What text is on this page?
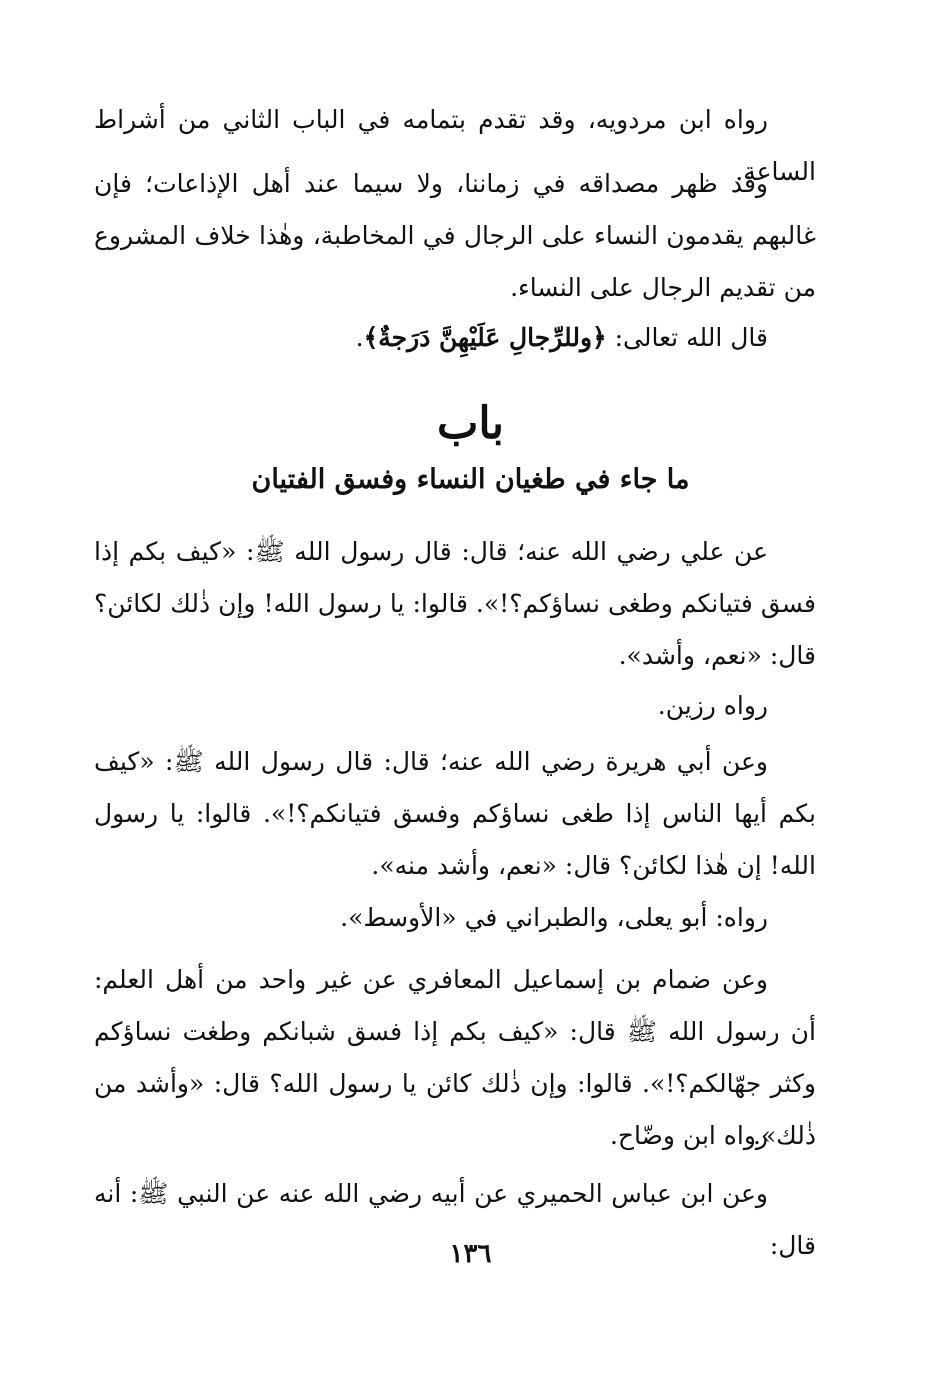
رواه ابن مردويه، وقد تقدم بتمامه في الباب الثاني من أشراط الساعة.
وقد ظهر مصداقه في زماننا، ولا سيما عند أهل الإذاعات؛ فإن غالبهم يقدمون النساء على الرجال في المخاطبة، وهٰذا خلاف المشروع من تقديم الرجال على النساء.
قال الله تعالى: ﴿وللرِّجالِ عَلَيْهِنَّ دَرَجةٌ﴾.
باب
ما جاء في طغيان النساء وفسق الفتيان
عن علي رضي الله عنه؛ قال: قال رسول الله ﷺ: «كيف بكم إذا فسق فتيانكم وطغى نساؤكم؟!». قالوا: يا رسول الله! وإن ذٰلك لكائن؟ قال: «نعم، وأشد».
رواه رزين.
وعن أبي هريرة رضي الله عنه؛ قال: قال رسول الله ﷺ: «كيف بكم أيها الناس إذا طغى نساؤكم وفسق فتيانكم؟!». قالوا: يا رسول الله! إن هٰذا لكائن؟ قال: «نعم، وأشد منه».
رواه: أبو يعلى، والطبراني في «الأوسط».
وعن ضمام بن إسماعيل المعافري عن غير واحد من أهل العلم: أن رسول الله ﷺ قال: «كيف بكم إذا فسق شبانكم وطغت نساؤكم وكثر جهّالكم؟!». قالوا: وإن ذٰلك كائن يا رسول الله؟ قال: «وأشد من ذٰلك».
رواه ابن وضّاح.
وعن ابن عباس الحميري عن أبيه رضي الله عنه عن النبي ﷺ: أنه قال:
١٣٦
